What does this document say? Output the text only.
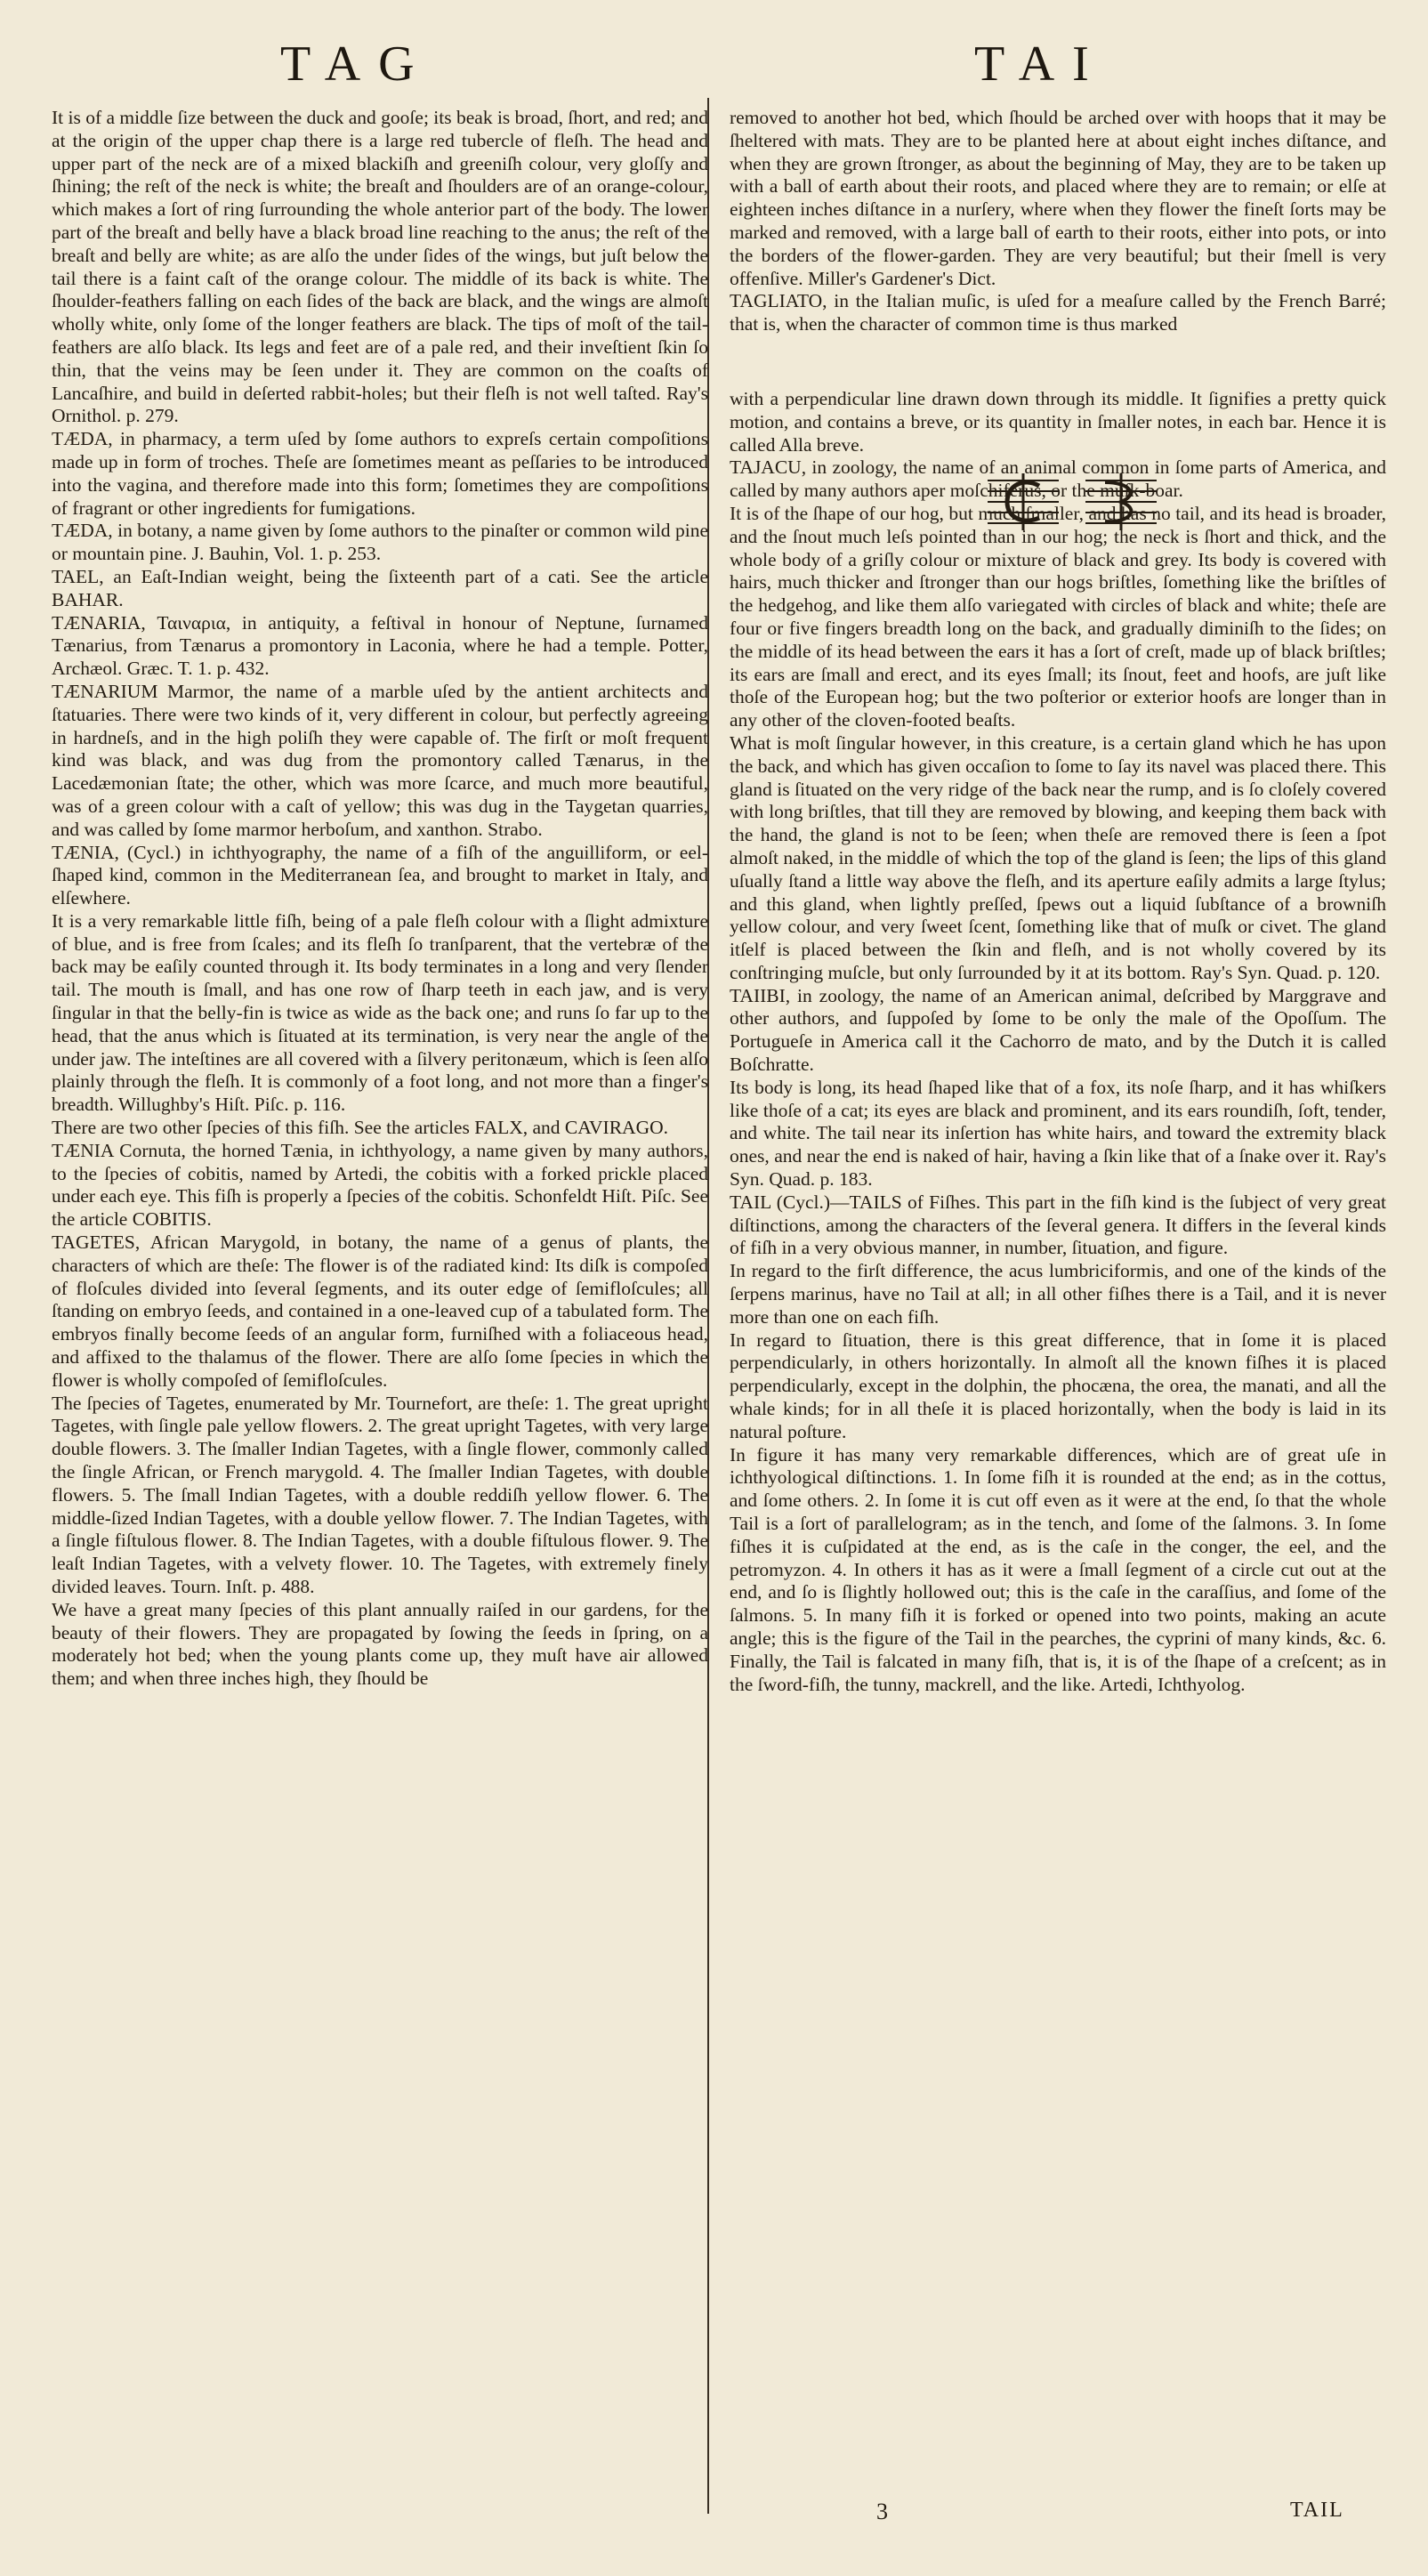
TAG	TAI

It is of a middle ſize between the duck and gooſe; its beak is broad, ſhort, and red; and at the origin of the upper chap there is a large red tubercle of fleſh. The head and upper part of the neck are of a mixed blackiſh and greeniſh colour, very gloſſy and ſhining; the reſt of the neck is white; the breaſt and ſhoulders are of an orange-colour, which makes a ſort of ring ſurrounding the whole anterior part of the body. The lower part of the breaſt and belly have a black broad line reaching to the anus; the reſt of the breaſt and belly are white; as are alſo the under ſides of the wings, but juſt below the tail there is a faint caſt of the orange colour. The middle of its back is white. The ſhoulder-feathers falling on each ſides of the back are black, and the wings are almoſt wholly white, only ſome of the longer feathers are black. The tips of moſt of the tail-feathers are alſo black. Its legs and feet are of a pale red, and their inveſtient ſkin ſo thin, that the veins may be ſeen under it. They are common on the coaſts of Lancaſhire, and build in deſerted rabbit-holes; but their fleſh is not well taſted. Ray's Ornithol. p. 279.

TÆDA, in pharmacy, a term uſed by ſome authors to expreſs certain compoſitions made up in form of troches. Theſe are ſometimes meant as peſſaries to be introduced into the vagina, and therefore made into this form; ſometimes they are compoſitions of fragrant or other ingredients for fumigations.

TÆDA, in botany, a name given by ſome authors to the pinaſter or common wild pine or mountain pine. J. Bauhin, Vol. 1. p. 253.

TAEL, an Eaſt-Indian weight, being the ſixteenth part of a cati. See the article BAHAR.

TÆNARIA, Ταιναρια, in antiquity, a feſtival in honour of Neptune, ſurnamed Tænarius, from Tænarus a promontory in Laconia, where he had a temple. Potter, Archæol. Græc. T. 1. p. 432.

TÆNARIUM Marmor, the name of a marble uſed by the antient architects and ſtatuaries. There were two kinds of it, very different in colour, but perfectly agreeing in hardneſs, and in the high poliſh they were capable of. The firſt or moſt frequent kind was black, and was dug from the promontory called Tænarus, in the Lacedæmonian ſtate; the other, which was more ſcarce, and much more beautiful, was of a green colour with a caſt of yellow; this was dug in the Taygetan quarries, and was called by ſome marmor herboſum, and xanthon. Strabo.

TÆNIA, (Cycl.) in ichthyography, the name of a fiſh of the anguilliform, or eel-ſhaped kind, common in the Mediterranean ſea, and brought to market in Italy, and elſewhere.

It is a very remarkable little fiſh, being of a pale fleſh colour with a ſlight admixture of blue, and is free from ſcales; and its fleſh ſo tranſparent, that the vertebræ of the back may be eaſily counted through it. Its body terminates in a long and very ſlender tail. The mouth is ſmall, and has one row of ſharp teeth in each jaw, and is very ſingular in that the belly-fin is twice as wide as the back one; and runs ſo far up to the head, that the anus which is ſituated at its termination, is very near the angle of the under jaw. The inteſtines are all covered with a ſilvery peritonæum, which is ſeen alſo plainly through the fleſh. It is commonly of a foot long, and not more than a finger's breadth. Willughby's Hiſt. Piſc. p. 116.

There are two other ſpecies of this fiſh. See the articles FALX, and CAVIRAGO.

TÆNIA Cornuta, the horned Tænia, in ichthyology, a name given by many authors, to the ſpecies of cobitis, named by Artedi, the cobitis with a forked prickle placed under each eye. This fiſh is properly a ſpecies of the cobitis. Schonfeldt Hiſt. Piſc. See the article COBITIS.

TAGETES, African Marygold, in botany, the name of a genus of plants, the characters of which are theſe: The flower is of the radiated kind: Its diſk is compoſed of floſcules divided into ſeveral ſegments, and its outer edge of ſemifloſcules; all ſtanding on embryo ſeeds, and contained in a one-leaved cup of a tabulated form. The embryos finally become ſeeds of an angular form, furniſhed with a foliaceous head, and affixed to the thalamus of the flower. There are alſo ſome ſpecies in which the flower is wholly compoſed of ſemifloſcules.

The ſpecies of Tagetes, enumerated by Mr. Tournefort, are theſe: 1. The great upright Tagetes, with ſingle pale yellow flowers. 2. The great upright Tagetes, with very large double flowers. 3. The ſmaller Indian Tagetes, with a ſingle flower, commonly called the ſingle African, or French marygold. 4. The ſmaller Indian Tagetes, with double flowers. 5. The ſmall Indian Tagetes, with a double reddiſh yellow flower. 6. The middle-ſized Indian Tagetes, with a double yellow flower. 7. The Indian Tagetes, with a ſingle fiſtulous flower. 8. The Indian Tagetes, with a double fiſtulous flower. 9. The leaſt Indian Tagetes, with a velvety flower. 10. The Tagetes, with extremely finely divided leaves. Tourn. Inſt. p. 488.

We have a great many ſpecies of this plant annually raiſed in our gardens, for the beauty of their flowers. They are propagated by ſowing the ſeeds in ſpring, on a moderately hot bed; when the young plants come up, they muſt have air allowed them; and when three inches high, they ſhould be

removed to another hot bed, which ſhould be arched over with hoops that it may be ſheltered with mats. They are to be planted here at about eight inches diſtance, and when they are grown ſtronger, as about the beginning of May, they are to be taken up with a ball of earth about their roots, and placed where they are to remain; or elſe at eighteen inches diſtance in a nurſery, where when they flower the fineſt ſorts may be marked and removed, with a large ball of earth to their roots, either into pots, or into the borders of the flower-garden. They are very beautiful; but their ſmell is very offenſive. Miller's Gardener's Dict.

TAGLIATO, in the Italian muſic, is uſed for a meaſure called by the French Barré; that is, when the character of common time is thus marked

with a perpendicular line drawn down through its middle. It ſignifies a pretty quick motion, and contains a breve, or its quantity in ſmaller notes, in each bar. Hence it is called Alla breve.

TAJACU, in zoology, the name of an animal common in ſome parts of America, and called by many authors aper moſchiferus, or the muſk-boar.

It is of the ſhape of our hog, but much ſmaller, and has no tail, and its head is broader, and the ſnout much leſs pointed than in our hog; the neck is ſhort and thick, and the whole body of a griſly colour or mixture of black and grey. Its body is covered with hairs, much thicker and ſtronger than our hogs briſtles, ſomething like the briſtles of the hedgehog, and like them alſo variegated with circles of black and white; theſe are four or five fingers breadth long on the back, and gradually diminiſh to the ſides; on the middle of its head between the ears it has a ſort of creſt, made up of black briſtles; its ears are ſmall and erect, and its eyes ſmall; its ſnout, feet and hoofs, are juſt like thoſe of the European hog; but the two poſterior or exterior hoofs are longer than in any other of the cloven-footed beaſts.

What is moſt ſingular however, in this creature, is a certain gland which he has upon the back, and which has given occaſion to ſome to ſay its navel was placed there. This gland is ſituated on the very ridge of the back near the rump, and is ſo cloſely covered with long briſtles, that till they are removed by blowing, and keeping them back with the hand, the gland is not to be ſeen; when theſe are removed there is ſeen a ſpot almoſt naked, in the middle of which the top of the gland is ſeen; the lips of this gland uſually ſtand a little way above the fleſh, and its aperture eaſily admits a large ſtylus; and this gland, when lightly preſſed, ſpews out a liquid ſubſtance of a browniſh yellow colour, and very ſweet ſcent, ſomething like that of muſk or civet. The gland itſelf is placed between the ſkin and fleſh, and is not wholly covered by its conſtringing muſcle, but only ſurrounded by it at its bottom. Ray's Syn. Quad. p. 120.

TAIIBI, in zoology, the name of an American animal, deſcribed by Marggrave and other authors, and ſuppoſed by ſome to be only the male of the Opoſſum. The Portugueſe in America call it the Cachorro de mato, and by the Dutch it is called Boſchratte.

Its body is long, its head ſhaped like that of a fox, its noſe ſharp, and it has whiſkers like thoſe of a cat; its eyes are black and prominent, and its ears roundiſh, ſoft, tender, and white. The tail near its inſertion has white hairs, and toward the extremity black ones, and near the end is naked of hair, having a ſkin like that of a ſnake over it. Ray's Syn. Quad. p. 183.

TAIL (Cycl.)—TAILS of Fiſhes. This part in the fiſh kind is the ſubject of very great diſtinctions, among the characters of the ſeveral genera. It differs in the ſeveral kinds of fiſh in a very obvious manner, in number, ſituation, and figure.

In regard to the firſt difference, the acus lumbriciformis, and one of the kinds of the ſerpens marinus, have no Tail at all; in all other fiſhes there is a Tail, and it is never more than one on each fiſh.

In regard to ſituation, there is this great difference, that in ſome it is placed perpendicularly, in others horizontally. In almoſt all the known fiſhes it is placed perpendicularly, except in the dolphin, the phocæna, the orea, the manati, and all the whale kinds; for in all theſe it is placed horizontally, when the body is laid in its natural poſture.

In figure it has many very remarkable differences, which are of great uſe in ichthyological diſtinctions. 1. In ſome fiſh it is rounded at the end; as in the cottus, and ſome others. 2. In ſome it is cut off even as it were at the end, ſo that the whole Tail is a ſort of parallelogram; as in the tench, and ſome of the ſalmons. 3. In ſome fiſhes it is cuſpidated at the end, as is the caſe in the conger, the eel, and the petromyzon. 4. In others it has as it were a ſmall ſegment of a circle cut out at the end, and ſo is ſlightly hollowed out; this is the caſe in the caraſſius, and ſome of the ſalmons. 5. In many fiſh it is forked or opened into two points, making an acute angle; this is the figure of the Tail in the pearches, the cyprini of many kinds, &c. 6. Finally, the Tail is falcated in many fiſh, that is, it is of the ſhape of a creſcent; as in the ſword-fiſh, the tunny, mackrell, and the like. Artedi, Ichthyolog.

3	TAIL
